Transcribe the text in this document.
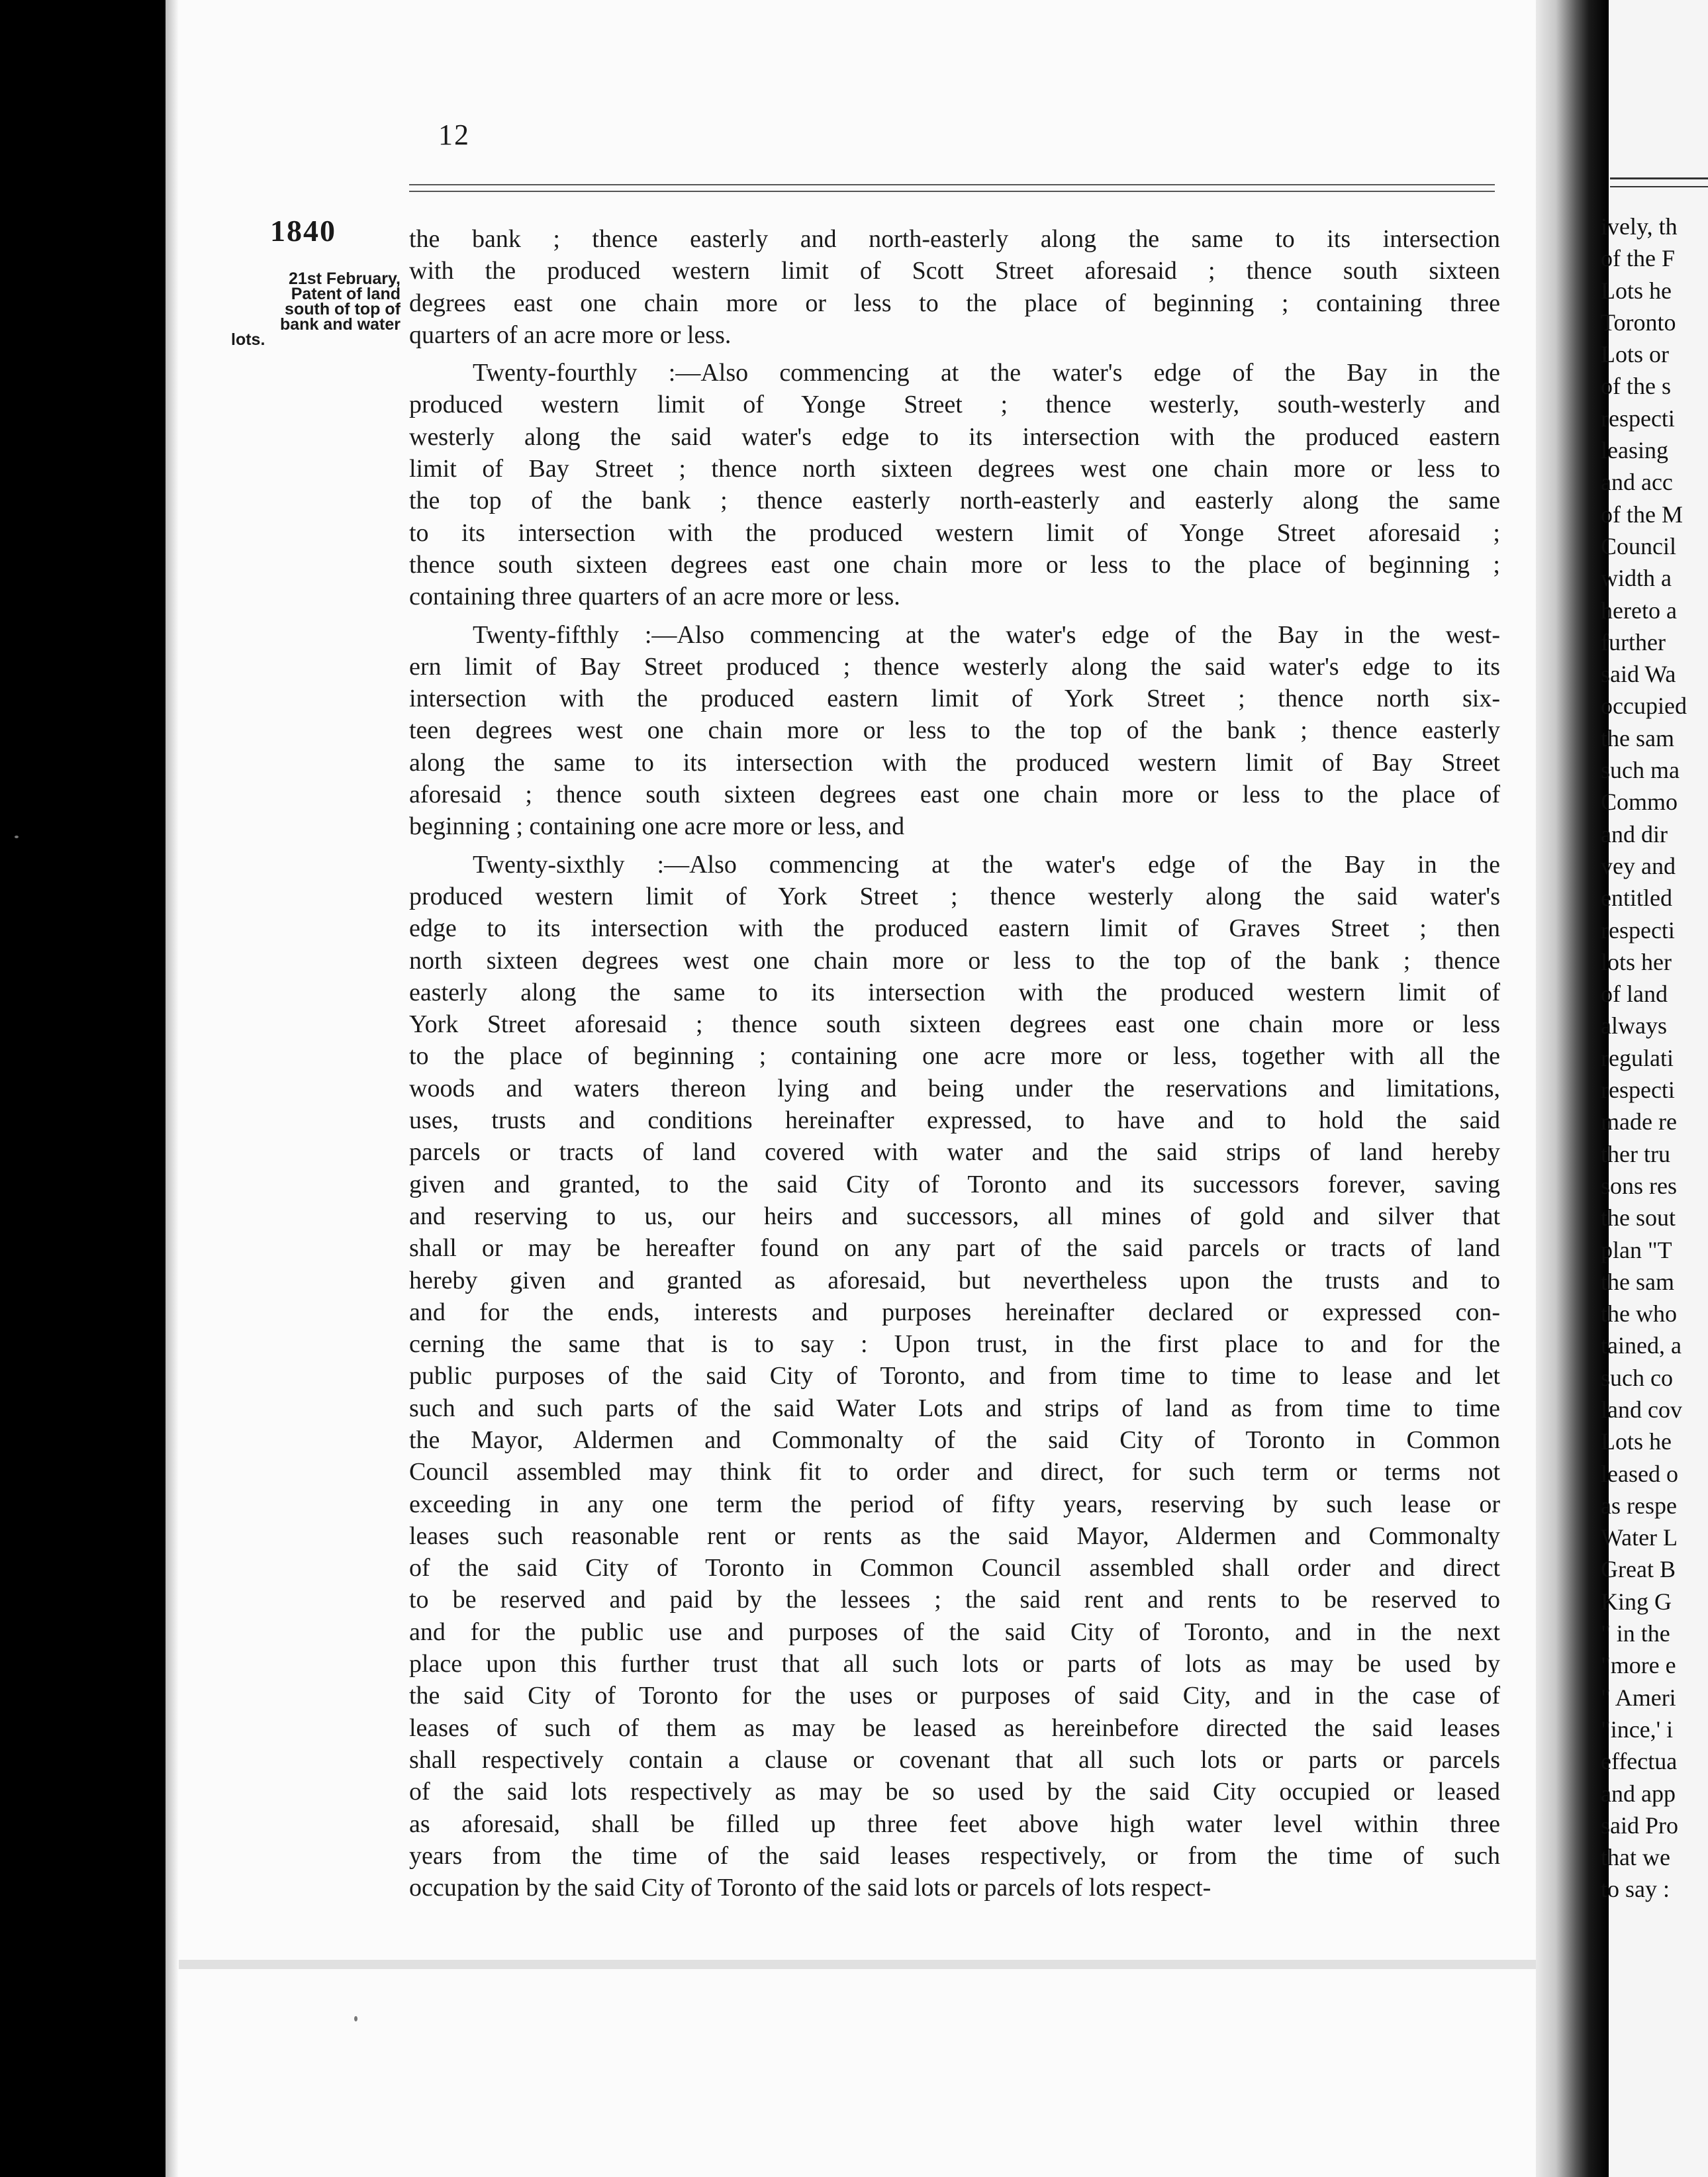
ively, th
of the F
Lots he
Toronto
Lots or
of the s
respecti
leasing
and acc
of the M
Council
width a
hereto a
further
said Wa
occupied
the sam
such ma
Commo
and dir
vey and
entitled
respecti
lots her
of land
always
regulati
respecti
made re
ther tru
sons res
the sout
plan "T
the sam
the who
tained, a
such co
land cov
Lots he
leased o
as respe
Water L
Great B
King G
" in the
"more e
" Ameri
"ince,' i
effectua
and app
said Pro
that we
to say :
12
1840
21st February,
Patent of land
south of top of
bank and water
lots.
the bank ; thence easterly and north-easterly along the same to its intersection
with the produced western limit of Scott Street aforesaid ; thence south sixteen
degrees east one chain more or less to the place of beginning ; containing three
quarters of an acre more or less.
Twenty-fourthly :—Also commencing at the water's edge of the Bay in the
produced western limit of Yonge Street ; thence westerly, south-westerly and
westerly along the said water's edge to its intersection with the produced eastern
limit of Bay Street ; thence north sixteen degrees west one chain more or less to
the top of the bank ; thence easterly north-easterly and easterly along the same
to its intersection with the produced western limit of Yonge Street aforesaid ;
thence south sixteen degrees east one chain more or less to the place of beginning ;
containing three quarters of an acre more or less.
Twenty-fifthly :—Also commencing at the water's edge of the Bay in the west-
ern limit of Bay Street produced ; thence westerly along the said water's edge to its
intersection with the produced eastern limit of York Street ; thence north six-
teen degrees west one chain more or less to the top of the bank ; thence easterly
along the same to its intersection with the produced western limit of Bay Street
aforesaid ; thence south sixteen degrees east one chain more or less to the place of
beginning ; containing one acre more or less, and
Twenty-sixthly :—Also commencing at the water's edge of the Bay in the
produced western limit of York Street ; thence westerly along the said water's
edge to its intersection with the produced eastern limit of Graves Street ; then
north sixteen degrees west one chain more or less to the top of the bank ; thence
easterly along the same to its intersection with the produced western limit of
York Street aforesaid ; thence south sixteen degrees east one chain more or less
to the place of beginning ; containing one acre more or less, together with all the
woods and waters thereon lying and being under the reservations and limitations,
uses, trusts and conditions hereinafter expressed, to have and to hold the said
parcels or tracts of land covered with water and the said strips of land hereby
given and granted, to the said City of Toronto and its successors forever, saving
and reserving to us, our heirs and successors, all mines of gold and silver that
shall or may be hereafter found on any part of the said parcels or tracts of land
hereby given and granted as aforesaid, but nevertheless upon the trusts and to
and for the ends, interests and purposes hereinafter declared or expressed con-
cerning the same that is to say : Upon trust, in the first place to and for the
public purposes of the said City of Toronto, and from time to time to lease and let
such and such parts of the said Water Lots and strips of land as from time to time
the Mayor, Aldermen and Commonalty of the said City of Toronto in Common
Council assembled may think fit to order and direct, for such term or terms not
exceeding in any one term the period of fifty years, reserving by such lease or
leases such reasonable rent or rents as the said Mayor, Aldermen and Commonalty
of the said City of Toronto in Common Council assembled shall order and direct
to be reserved and paid by the lessees ; the said rent and rents to be reserved to
and for the public use and purposes of the said City of Toronto, and in the next
place upon this further trust that all such lots or parts of lots as may be used by
the said City of Toronto for the uses or purposes of said City, and in the case of
leases of such of them as may be leased as hereinbefore directed the said leases
shall respectively contain a clause or covenant that all such lots or parts or parcels
of the said lots respectively as may be so used by the said City occupied or leased
as aforesaid, shall be filled up three feet above high water level within three
years from the time of the said leases respectively, or from the time of such
occupation by the said City of Toronto of the said lots or parcels of lots respect-
